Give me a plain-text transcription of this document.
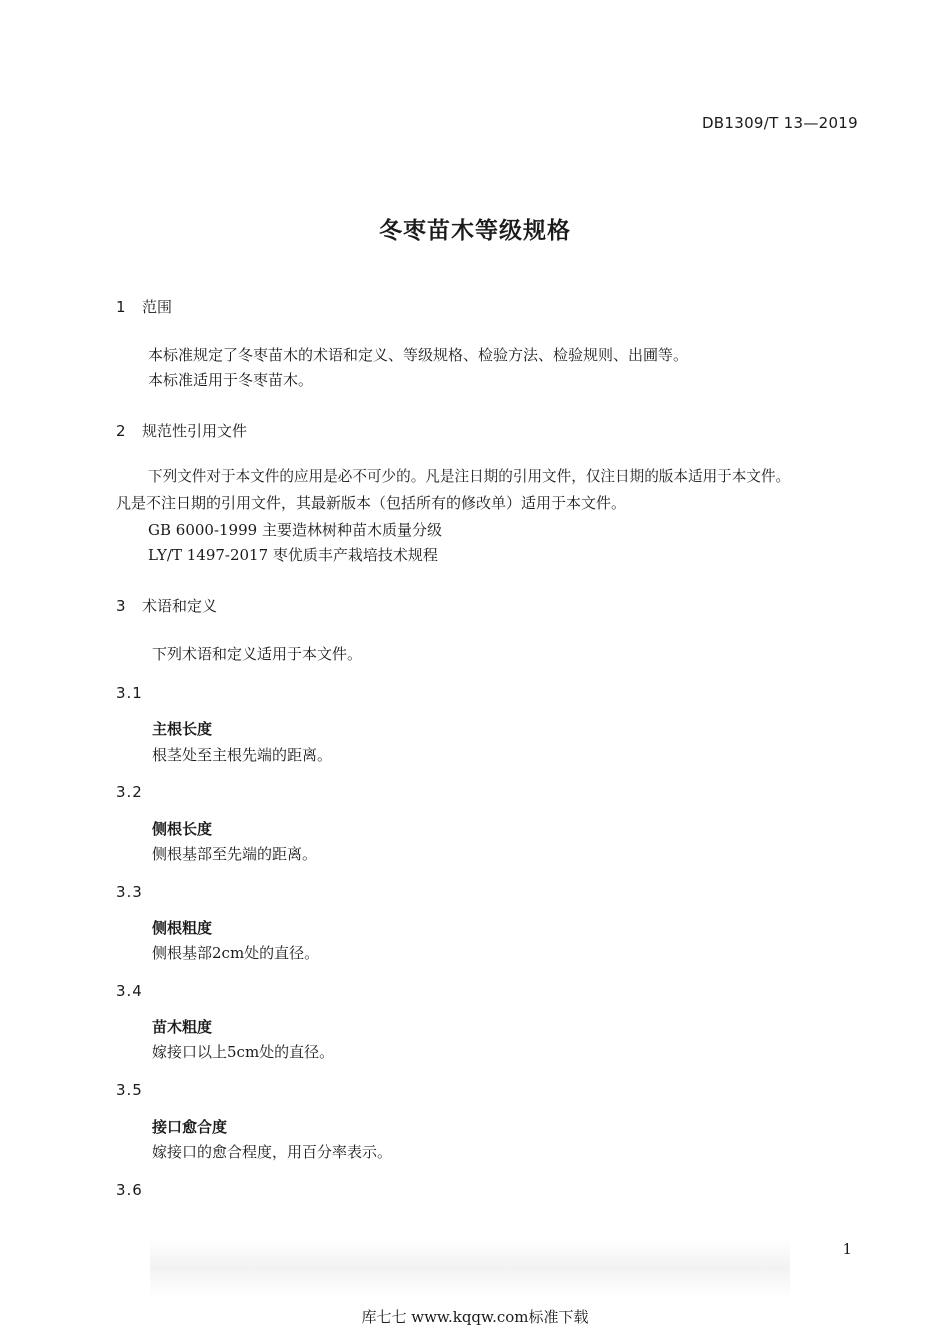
DB1309/T 13—2019
冬枣苗木等级规格
1 范围
本标准规定了冬枣苗木的术语和定义、等级规格、检验方法、检验规则、出圃等。
本标准适用于冬枣苗木。
2 规范性引用文件
下列文件对于本文件的应用是必不可少的。凡是注日期的引用文件，仅注日期的版本适用于本文件。
凡是不注日期的引用文件，其最新版本（包括所有的修改单）适用于本文件。
GB 6000-1999 主要造林树种苗木质量分级
LY/T 1497-2017 枣优质丰产栽培技术规程
3 术语和定义
下列术语和定义适用于本文件。
3.1
主根长度
根茎处至主根先端的距离。
3.2
侧根长度
侧根基部至先端的距离。
3.3
侧根粗度
侧根基部2cm处的直径。
3.4
苗木粗度
嫁接口以上5cm处的直径。
3.5
接口愈合度
嫁接口的愈合程度，用百分率表示。
3.6
1
库七七 www.kqqw.com标准下载
